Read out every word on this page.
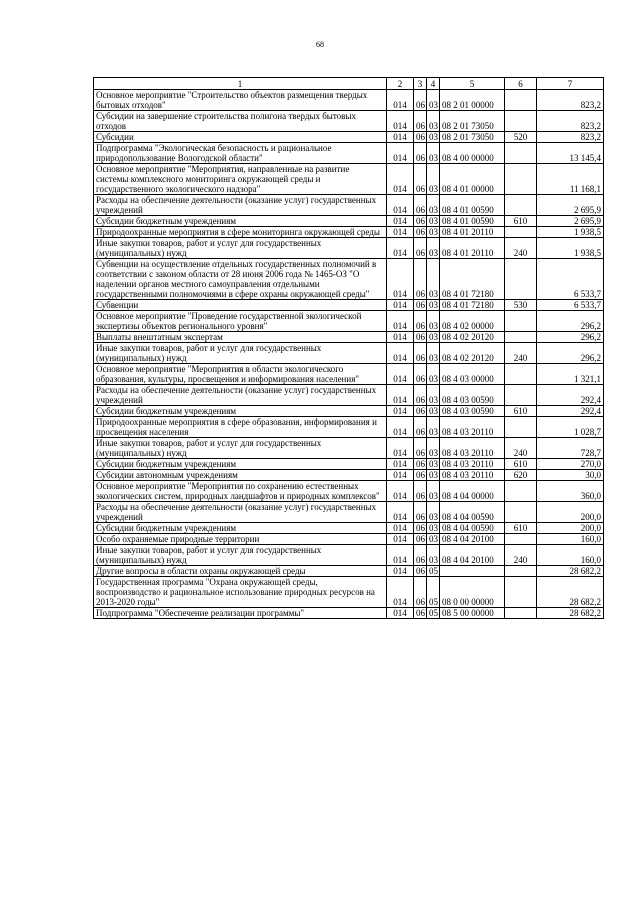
68
1	2	3	4	5	6	7
Основное мероприятие "Строительство объектов размещения твердых бытовых отходов"	014	06	03	08 2 01 00000		823,2
Субсидии на завершение строительства полигона твердых бытовых отходов	014	06	03	08 2 01 73050		823,2
Субсидии	014	06	03	08 2 01 73050	520	823,2
Подпрограмма "Экологическая безопасность и рациональное природопользование Вологодской области"	014	06	03	08 4 00 00000		13 145,4
Основное мероприятие "Мероприятия, направленные на развитие системы комплексного мониторинга окружающей среды и государственного экологического надзора"	014	06	03	08 4 01 00000		11 168,1
Расходы на обеспечение деятельности (оказание услуг) государственных учреждений	014	06	03	08 4 01 00590		2 695,9
Субсидии бюджетным учреждениям	014	06	03	08 4 01 00590	610	2 695,9
Природоохранные мероприятия в сфере мониторинга окружающей среды	014	06	03	08 4 01 20110		1 938,5
Иные закупки товаров, работ и услуг для государственных (муниципальных) нужд	014	06	03	08 4 01 20110	240	1 938,5
Субвенции на осуществление отдельных государственных полномочий в соответствии с законом области от 28 июня 2006 года № 1465-ОЗ "О наделении органов местного самоуправления отдельными государственными полномочиями в сфере охраны окружающей среды"	014	06	03	08 4 01 72180		6 533,7
Субвенции	014	06	03	08 4 01 72180	530	6 533,7
Основное мероприятие "Проведение государственной экологической экспертизы объектов регионального уровня"	014	06	03	08 4 02 00000		296,2
Выплаты внештатным экспертам	014	06	03	08 4 02 20120		296,2
Иные закупки товаров, работ и услуг для государственных (муниципальных) нужд	014	06	03	08 4 02 20120	240	296,2
Основное мероприятие "Мероприятия в области экологического образования, культуры, просвещения и информирования населения"	014	06	03	08 4 03 00000		1 321,1
Расходы на обеспечение деятельности (оказание услуг) государственных учреждений	014	06	03	08 4 03 00590		292,4
Субсидии бюджетным учреждениям	014	06	03	08 4 03 00590	610	292,4
Природоохранные мероприятия в сфере образования, информирования и просвещения населения	014	06	03	08 4 03 20110		1 028,7
Иные закупки товаров, работ и услуг для государственных (муниципальных) нужд	014	06	03	08 4 03 20110	240	728,7
Субсидии бюджетным учреждениям	014	06	03	08 4 03 20110	610	270,0
Субсидии автономным учреждениям	014	06	03	08 4 03 20110	620	30,0
Основное мероприятие "Мероприятия по сохранению естественных экологических систем, природных ландшафтов и природных комплексов"	014	06	03	08 4 04 00000		360,0
Расходы на обеспечение деятельности (оказание услуг) государственных учреждений	014	06	03	08 4 04 00590		200,0
Субсидии бюджетным учреждениям	014	06	03	08 4 04 00590	610	200,0
Особо охраняемые природные территории	014	06	03	08 4 04 20100		160,0
Иные закупки товаров, работ и услуг для государственных (муниципальных) нужд	014	06	03	08 4 04 20100	240	160,0
Другие вопросы в области охраны окружающей среды	014	06	05			28 682,2
Государственная программа "Охрана окружающей среды, воспроизводство и рациональное использование природных ресурсов на 2013-2020 годы"	014	06	05	08 0 00 00000		28 682,2
Подпрограмма "Обеспечение реализации программы"	014	06	05	08 5 00 00000		28 682,2
